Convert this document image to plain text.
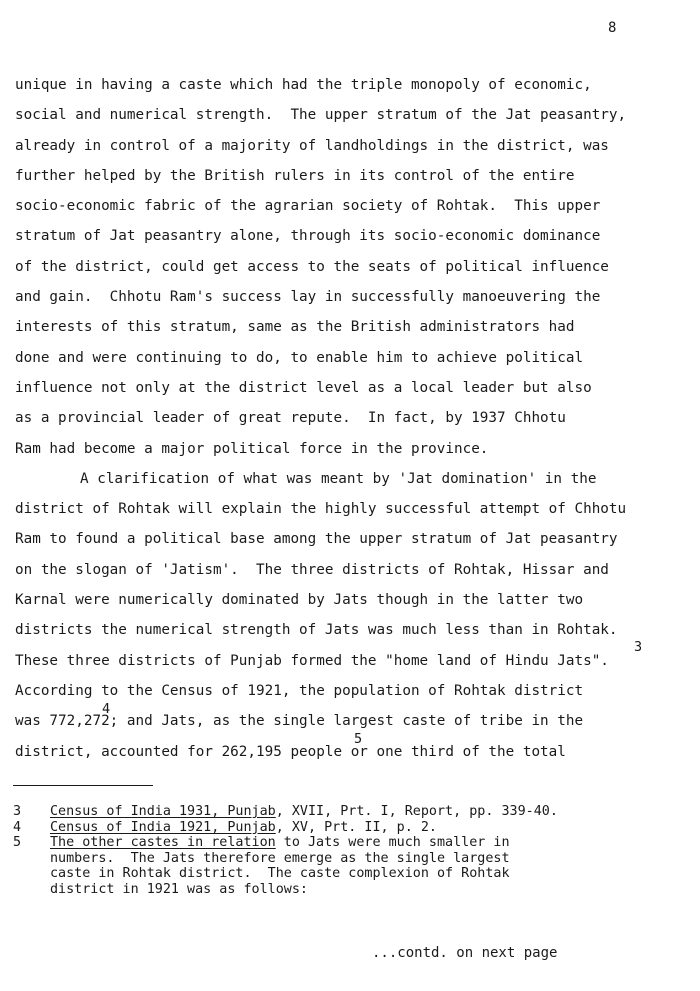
8
unique in having a caste which had the triple monopoly of economic,
social and numerical strength.  The upper stratum of the Jat peasantry,
already in control of a majority of landholdings in the district, was
further helped by the British rulers in its control of the entire
socio-economic fabric of the agrarian society of Rohtak.  This upper
stratum of Jat peasantry alone, through its socio-economic dominance
of the district, could get access to the seats of political influence
and gain.  Chhotu Ram's success lay in successfully manoeuvering the
interests of this stratum, same as the British administrators had
done and were continuing to do, to enable him to achieve political
influence not only at the district level as a local leader but also
as a provincial leader of great repute.  In fact, by 1937 Chhotu
Ram had become a major political force in the province.
A clarification of what was meant by 'Jat domination' in the
district of Rohtak will explain the highly successful attempt of Chhotu
Ram to found a political base among the upper stratum of Jat peasantry
on the slogan of 'Jatism'.  The three districts of Rohtak, Hissar and
Karnal were numerically dominated by Jats though in the latter two
districts the numerical strength of Jats was much less than in Rohtak.
These three districts of Punjab formed the "home land of Hindu Jats".
According to the Census of 1921, the population of Rohtak district
was 772,272; and Jats, as the single largest caste of tribe in the
district, accounted for 262,195 people or one third of the total
3
4
5
3	Census of India 1931, Punjab, XVII, Prt. I, Report, pp. 339-40.
4	Census of India 1921, Punjab, XV, Prt. II, p. 2.
5	The other castes in relation to Jats were much smaller in
numbers.  The Jats therefore emerge as the single largest
caste in Rohtak district.  The caste complexion of Rohtak
district in 1921 was as follows:
...contd. on next page
